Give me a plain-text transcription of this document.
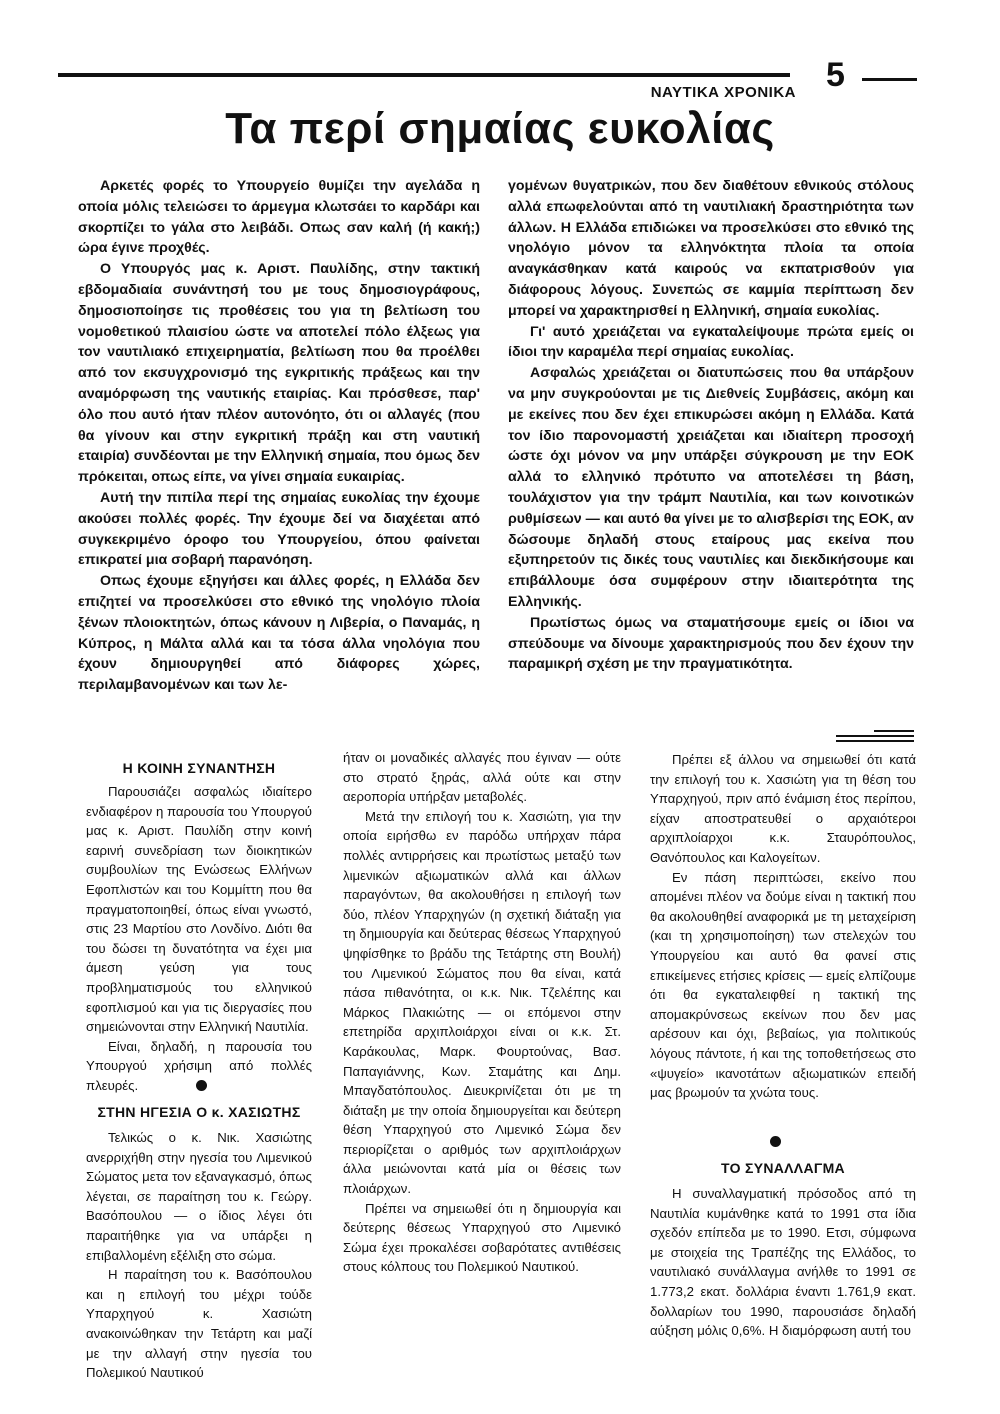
5
ΝΑΥΤΙΚΑ ΧΡΟΝΙΚΑ
Τα περί σημαίας ευκολίας

Αρκετές φορές το Υπουργείο θυμίζει την αγελάδα η οποία μόλις τελειώσει το άρμεγμα κλωτσάει το καρδάρι και σκορπίζει το γάλα στο λειβάδι. Οπως σαν καλή (ή κακή;) ώρα έγινε προχθές.

Ο Υπουργός μας κ. Αριστ. Παυλίδης, στην τακτική εβδομαδιαία συνάντησή του με τους δημοσιογράφους, δημοσιοποίησε τις προθέσεις του για τη βελτίωση του νομοθετικού πλαισίου ώστε να αποτελεί πόλο έλξεως για τον ναυτιλιακό επιχειρηματία, βελτίωση που θα προέλθει από τον εκσυγχρονισμό της εγκριτικής πράξεως και την αναμόρφωση της ναυτικής εταιρίας. Και πρόσθεσε, παρ' όλο που αυτό ήταν πλέον αυτονόητο, ότι οι αλλαγές (που θα γίνουν και στην εγκριτική πράξη και στη ναυτική εταιρία) συνδέονται με την Ελληνική σημαία, που όμως δεν πρόκειται, οπως είπε, να γίνει σημαία ευκαιρίας.

Αυτή την πιπίλα περί της σημαίας ευκολίας την έχουμε ακούσει πολλές φορές. Την έχουμε δεί να διαχέεται από συγκεκριμένο όροφο του Υπουργείου, όπου φαίνεται επικρατεί μια σοβαρή παρανόηση.

Οπως έχουμε εξηγήσει και άλλες φορές, η Ελλάδα δεν επιζητεί να προσελκύσει στο εθνικό της νηολόγιο πλοία ξένων πλοιοκτητών, όπως κάνουν η Λιβερία, ο Παναμάς, η Κύπρος, η Μάλτα αλλά και τα τόσα άλλα νηολόγια που έχουν δημιουργηθεί από διάφορες χώρες, περιλαμβανομένων και των λε-

γομένων θυγατρικών, που δεν διαθέτουν εθνικούς στόλους αλλά επωφελούνται από τη ναυτιλιακή δραστηριότητα των άλλων. Η Ελλάδα επιδιώκει να προσελκύσει στο εθνικό της νηολόγιο μόνον τα ελληνόκτητα πλοία τα οποία αναγκάσθηκαν κατά καιρούς να εκπατρισθούν για διάφορους λόγους. Συνεπώς σε καμμία περίπτωση δεν μπορεί να χαρακτηρισθεί η Ελληνική, σημαία ευκολίας.

Γι' αυτό χρειάζεται να εγκαταλείψουμε πρώτα εμείς οι ίδιοι την καραμέλα περί σημαίας ευκολίας.

Ασφαλώς χρειάζεται οι διατυπώσεις που θα υπάρξουν να μην συγκρούονται με τις Διεθνείς Συμβάσεις, ακόμη και με εκείνες που δεν έχει επικυρώσει ακόμη η Ελλάδα. Κατά τον ίδιο παρονομαστή χρειάζεται και ιδιαίτερη προσοχή ώστε όχι μόνον να μην υπάρξει σύγκρουση με την ΕΟΚ αλλά το ελληνικό πρότυπο να αποτελέσει τη βάση, τουλάχιστον για την τράμπ Ναυτιλία, και των κοινοτικών ρυθμίσεων — και αυτό θα γίνει με το αλισβερίσι της ΕΟΚ, αν δώσουμε δηλαδή στους εταίρους μας εκείνα που εξυπηρετούν τις δικές τους ναυτιλίες και διεκδικήσουμε και επιβάλλουμε όσα συμφέρουν στην ιδιαιτερότητα της Ελληνικής.

Πρωτίστως όμως να σταματήσουμε εμείς οι ίδιοι να σπεύδουμε να δίνουμε χαρακτηρισμούς που δεν έχουν την παραμικρή σχέση με την πραγματικότητα.

Η ΚΟΙΝΗ ΣΥΝΑΝΤΗΣΗ

Παρουσιάζει ασφαλώς ιδιαίτερο ενδιαφέρον η παρουσία του Υπουργού μας κ. Αριστ. Παυλίδη στην κοινή εαρινή συνεδρίαση των διοικητικών συμβουλίων της Ενώσεως Ελλήνων Εφοπλιστών και του Κομμίττη που θα πραγματοποιηθεί, όπως είναι γνωστό, στις 23 Μαρτίου στο Λονδίνο. Διότι θα του δώσει τη δυνατότητα να έχει μια άμεση γεύση για τους προβληματισμούς του ελληνικού εφοπλισμού και για τις διεργασίες που σημειώνονται στην Ελληνική Ναυτιλία.

Είναι, δηλαδή, η παρουσία του Υπουργού χρήσιμη από πολλές πλευρές.

ΣΤΗΝ ΗΓΕΣΙΑ Ο κ. ΧΑΣΙΩΤΗΣ

Τελικώς ο κ. Νικ. Χασιώτης ανερριχήθη στην ηγεσία του Λιμενικού Σώματος μετα τον εξαναγκασμό, όπως λέγεται, σε παραίτηση του κ. Γεώργ. Βασόπουλου — ο ίδιος λέγει ότι παραιτήθηκε για να υπάρξει η επιβαλλομένη εξέλιξη στο σώμα.

Η παραίτηση του κ. Βασόπουλου και η επιλογή του μέχρι τούδε Υπαρχηγού κ. Χασιώτη ανακοινώθηκαν την Τετάρτη και μαζί με την αλλαγή στην ηγεσία του Πολεμικού Ναυτικού

ήταν οι μοναδικές αλλαγές που έγιναν — ούτε στο στρατό ξηράς, αλλά ούτε και στην αεροπορία υπήρξαν μεταβολές.

Μετά την επιλογή του κ. Χασιώτη, για την οποία ειρήσθω εν παρόδω υπήρχαν πάρα πολλές αντιρρήσεις και πρωτίστως μεταξύ των λιμενικών αξιωματικών αλλά και άλλων παραγόντων, θα ακολουθήσει η επιλογή των δύο, πλέον Υπαρχηγών (η σχετική διάταξη για τη δημιουργία και δεύτερας θέσεως Υπαρχηγού ψηφίσθηκε το βράδυ της Τετάρτης στη Βουλή) του Λιμενικού Σώματος που θα είναι, κατά πάσα πιθανότητα, οι κ.κ. Νικ. Τζελέπης και Μάρκος Πλακιώτης — οι επόμενοι στην επετηρίδα αρχιπλοιάρχοι είναι οι κ.κ. Στ. Καράκουλας, Μαρκ. Φουρτούνας, Βασ. Παπαγιάννης, Κων. Σταμάτης και Δημ. Μπαγδατόπουλος. Διευκρινίζεται ότι με τη διάταξη με την οποία δημιουργείται και δεύτερη θέση Υπαρχηγού στο Λιμενικό Σώμα δεν περιορίζεται ο αριθμός των αρχιπλοιάρχων άλλα μειώνονται κατά μία οι θέσεις των πλοιάρχων.

Πρέπει να σημειωθεί ότι η δημιουργία και δεύτερης θέσεως Υπαρχηγού στο Λιμενικό Σώμα έχει προκαλέσει σοβαρότατες αντιθέσεις στους κόλπους του Πολεμικού Ναυτικού.

Πρέπει εξ άλλου να σημειωθεί ότι κατά την επιλογή του κ. Χασιώτη για τη θέση του Υπαρχηγού, πριν από ένάμιση έτος περίπου, είχαν αποστρατευθεί ο αρχαιότεροι αρχιπλοίαρχοι κ.κ. Σταυρόπουλος, Θανόπουλος και Καλογείτων.

Εν πάση περιπτώσει, εκείνο που απομένει πλέον να δούμε είναι η τακτική που θα ακολουθηθεί αναφορικά με τη μεταχείριση (και τη χρησιμοποίηση) των στελεχών του Υπουργείου και αυτό θα φανεί στις επικείμενες ετήσιες κρίσεις — εμείς ελπίζουμε ότι θα εγκαταλειφθεί η τακτική της απομακρύνσεως εκείνων που δεν μας αρέσουν και όχι, βεβαίως, για πολιτικούς λόγους πάντοτε, ή και της τοποθετήσεως στο «ψυγείο» ικανοτάτων αξιωματικών επειδή μας βρωμούν τα χνώτα τους.

ΤΟ ΣΥΝΑΛΛΑΓΜΑ

Η συναλλαγματική πρόσοδος από τη Ναυτιλία κυμάνθηκε κατά το 1991 στα ίδια σχεδόν επίπεδα με το 1990. Ετσι, σύμφωνα με στοιχεία της Τραπέζης της Ελλάδος, το ναυτιλιακό συνάλλαγμα ανήλθε το 1991 σε 1.773,2 εκατ. δολλάρια έναντι 1.761,9 εκατ. δολλαρίων του 1990, παρουσιάσε δηλαδή αύξηση μόλις 0,6%. Η διαμόρφωση αυτή του
